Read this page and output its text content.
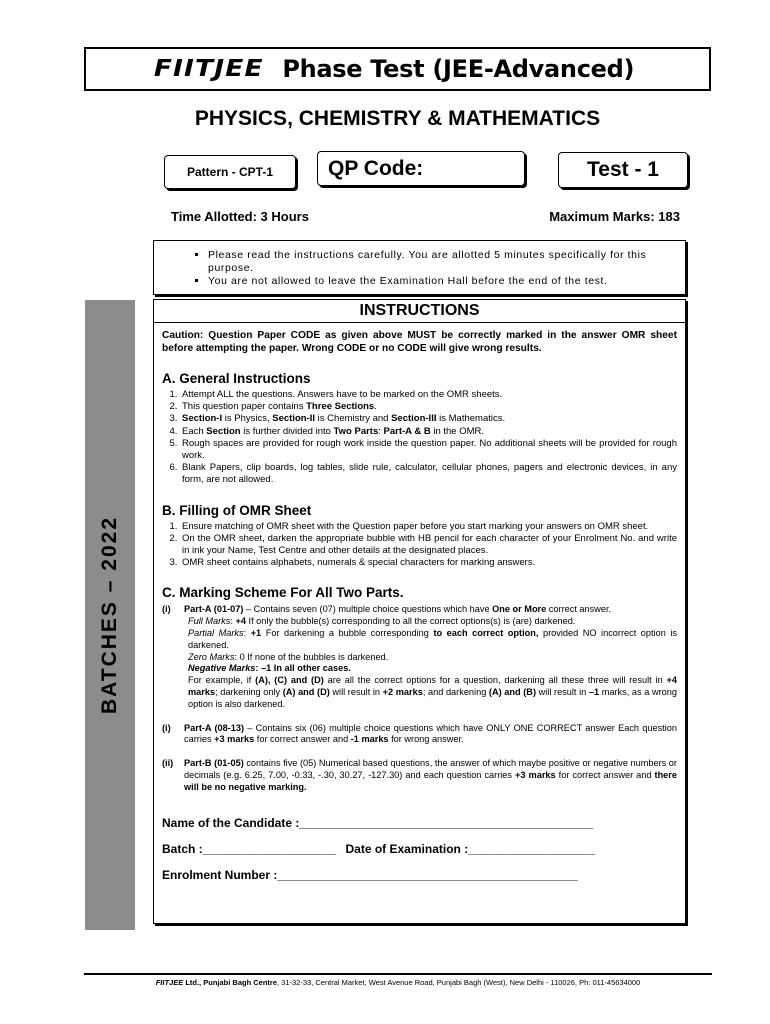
FIITJEE Phase Test (JEE-Advanced)
PHYSICS, CHEMISTRY & MATHEMATICS
Pattern - CPT-1	QP Code:	Test - 1
Time Allotted: 3 Hours	Maximum Marks: 183
BATCHES – 2022
▪ Please read the instructions carefully. You are allotted 5 minutes specifically for this purpose.
▪ You are not allowed to leave the Examination Hall before the end of the test.
INSTRUCTIONS
Caution: Question Paper CODE as given above MUST be correctly marked in the answer OMR sheet before attempting the paper. Wrong CODE or no CODE will give wrong results.
A. General Instructions
1. Attempt ALL the questions. Answers have to be marked on the OMR sheets.
2. This question paper contains Three Sections.
3. Section-I is Physics, Section-II is Chemistry and Section-III is Mathematics.
4. Each Section is further divided into Two Parts: Part-A & B in the OMR.
5. Rough spaces are provided for rough work inside the question paper. No additional sheets will be provided for rough work.
6. Blank Papers, clip boards, log tables, slide rule, calculator, cellular phones, pagers and electronic devices, in any form, are not allowed.
B. Filling of OMR Sheet
1. Ensure matching of OMR sheet with the Question paper before you start marking your answers on OMR sheet.
2. On the OMR sheet, darken the appropriate bubble with HB pencil for each character of your Enrolment No. and write in ink your Name, Test Centre and other details at the designated places.
3. OMR sheet contains alphabets, numerals & special characters for marking answers.
C. Marking Scheme For All Two Parts.
(i)	Part-A (01-07) – Contains seven (07) multiple choice questions which have One or More correct answer.
Full Marks: +4 If only the bubble(s) corresponding to all the correct options(s) is (are) darkened.
Partial Marks: +1 For darkening a bubble corresponding to each correct option, provided NO incorrect option is darkened.
Zero Marks: 0 If none of the bubbles is darkened.
Negative Marks: –1 In all other cases.
For example, if (A), (C) and (D) are all the correct options for a question, darkening all these three will result in +4 marks; darkening only (A) and (D) will result in +2 marks; and darkening (A) and (B) will result in –1 marks, as a wrong option is also darkened.
(i)	Part-A (08-13) – Contains six (06) multiple choice questions which have ONLY ONE CORRECT answer Each question carries +3 marks for correct answer and -1 marks for wrong answer.
(ii)	Part-B (01-05) contains five (05) Numerical based questions, the answer of which maybe positive or negative numbers or decimals (e.g. 6.25, 7.00, -0.33, -.30, 30.27, -127.30) and each question carries +3 marks for correct answer and there will be no negative marking.
Name of the Candidate :____________________________________________
Batch :____________________ Date of Examination :___________________
Enrolment Number :_____________________________________________
FIITJEE Ltd., Punjabi Bagh Centre, 31-32-33, Central Market, West Avenue Road, Punjabi Bagh (West), New Delhi - 110026, Ph: 011-45634000
